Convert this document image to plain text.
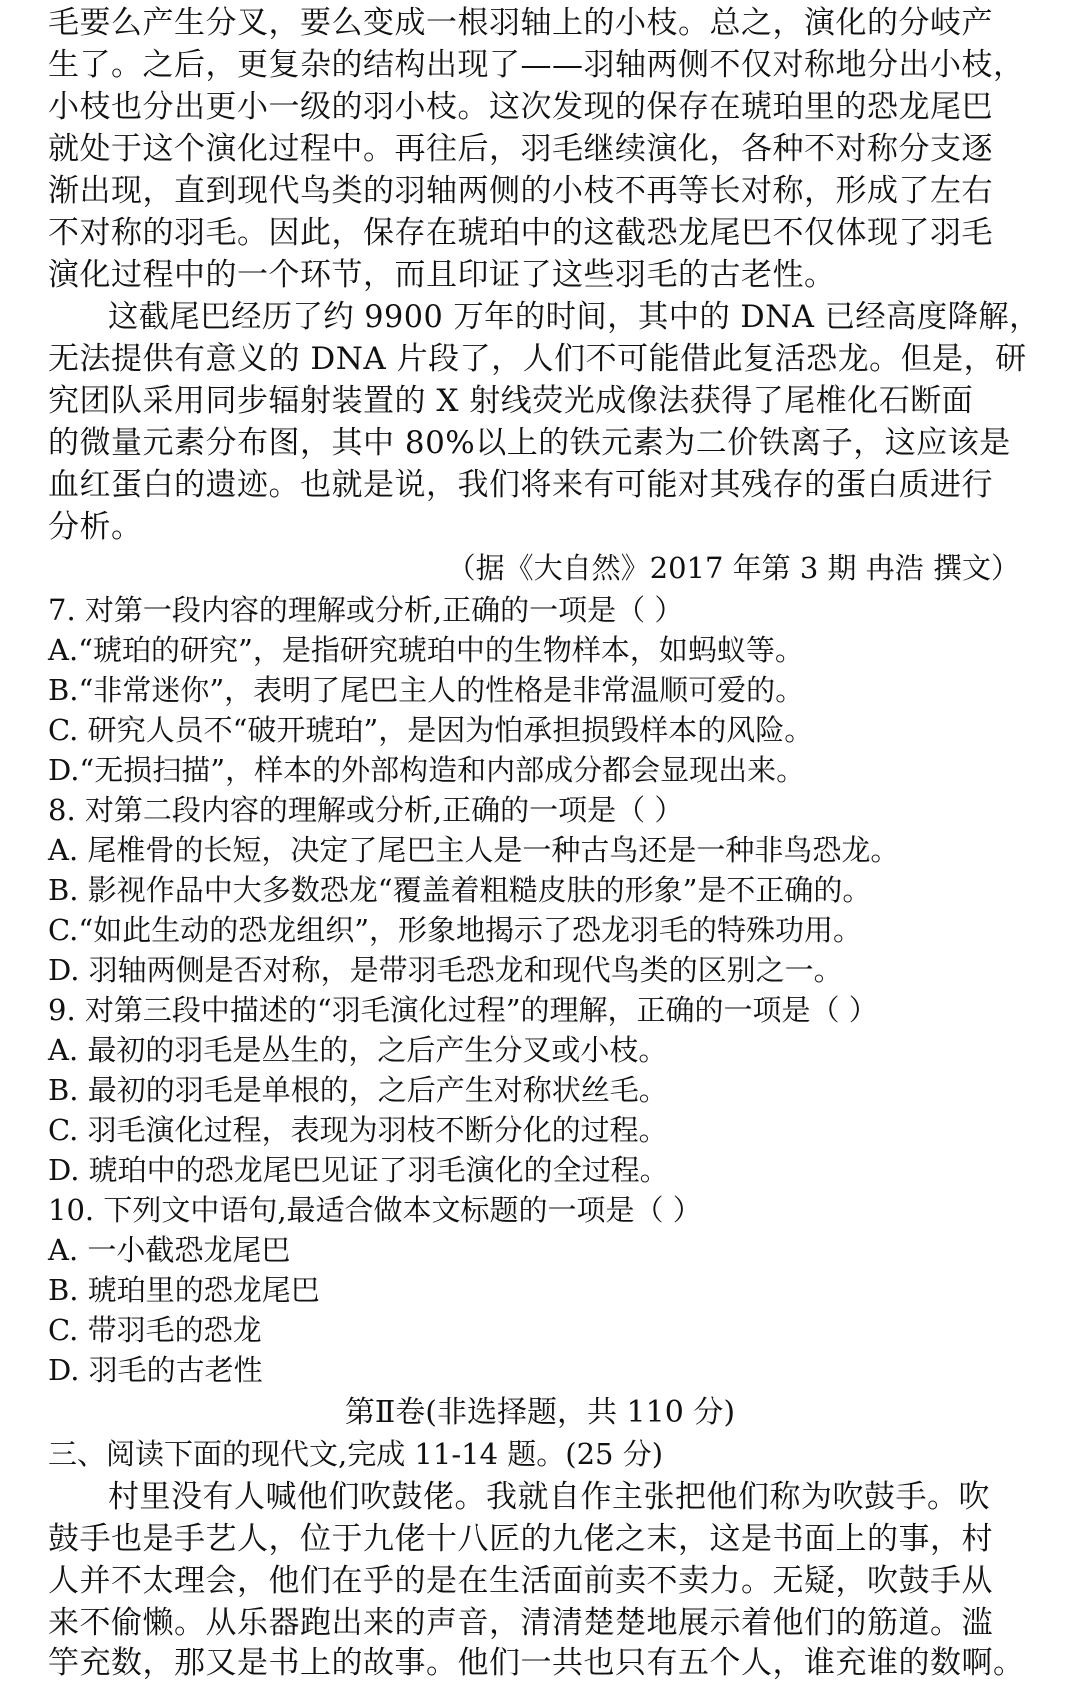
毛要么产生分叉，要么变成一根羽轴上的小枝。总之，演化的分岐产
生了。之后，更复杂的结构出现了——羽轴两侧不仅对称地分出小枝，
小枝也分出更小一级的羽小枝。这次发现的保存在琥珀里的恐龙尾巴
就处于这个演化过程中。再往后，羽毛继续演化，各种不对称分支逐
渐出现，直到现代鸟类的羽轴两侧的小枝不再等长对称，形成了左右
不对称的羽毛。因此，保存在琥珀中的这截恐龙尾巴不仅体现了羽毛
演化过程中的一个环节，而且印证了这些羽毛的古老性。
这截尾巴经历了约 9900 万年的时间，其中的 DNA 已经高度降解，
无法提供有意义的 DNA 片段了，人们不可能借此复活恐龙。但是，研
究团队采用同步辐射装置的 X 射线荧光成像法获得了尾椎化石断面
的微量元素分布图，其中 80%以上的铁元素为二价铁离子，这应该是
血红蛋白的遗迹。也就是说，我们将来有可能对其残存的蛋白质进行
分析。
（据《大自然》2017 年第 3 期 冉浩 撰文）
7. 对第一段内容的理解或分析,正确的一项是（ ）
A.“琥珀的研究”，是指研究琥珀中的生物样本，如蚂蚁等。
B.“非常迷你”，表明了尾巴主人的性格是非常温顺可爱的。
C. 研究人员不“破开琥珀”，是因为怕承担损毁样本的风险。
D.“无损扫描”，样本的外部构造和内部成分都会显现出来。
8. 对第二段内容的理解或分析,正确的一项是（ ）
A. 尾椎骨的长短，决定了尾巴主人是一种古鸟还是一种非鸟恐龙。
B. 影视作品中大多数恐龙“覆盖着粗糙皮肤的形象”是不正确的。
C.“如此生动的恐龙组织”，形象地揭示了恐龙羽毛的特殊功用。
D. 羽轴两侧是否对称，是带羽毛恐龙和现代鸟类的区别之一。
9. 对第三段中描述的“羽毛演化过程”的理解，正确的一项是（ ）
A. 最初的羽毛是丛生的，之后产生分叉或小枝。
B. 最初的羽毛是单根的，之后产生对称状丝毛。
C. 羽毛演化过程，表现为羽枝不断分化的过程。
D. 琥珀中的恐龙尾巴见证了羽毛演化的全过程。
10. 下列文中语句,最适合做本文标题的一项是（ ）
A. 一小截恐龙尾巴
B. 琥珀里的恐龙尾巴
C. 带羽毛的恐龙
D. 羽毛的古老性
第Ⅱ卷(非选择题，共 110 分)
三、阅读下面的现代文,完成 11-14 题。(25 分)
村里没有人喊他们吹鼓佬。我就自作主张把他们称为吹鼓手。吹
鼓手也是手艺人，位于九佬十八匠的九佬之末，这是书面上的事，村
人并不太理会，他们在乎的是在生活面前卖不卖力。无疑，吹鼓手从
来不偷懒。从乐器跑出来的声音，清清楚楚地展示着他们的筋道。滥
竽充数，那又是书上的故事。他们一共也只有五个人，谁充谁的数啊。
